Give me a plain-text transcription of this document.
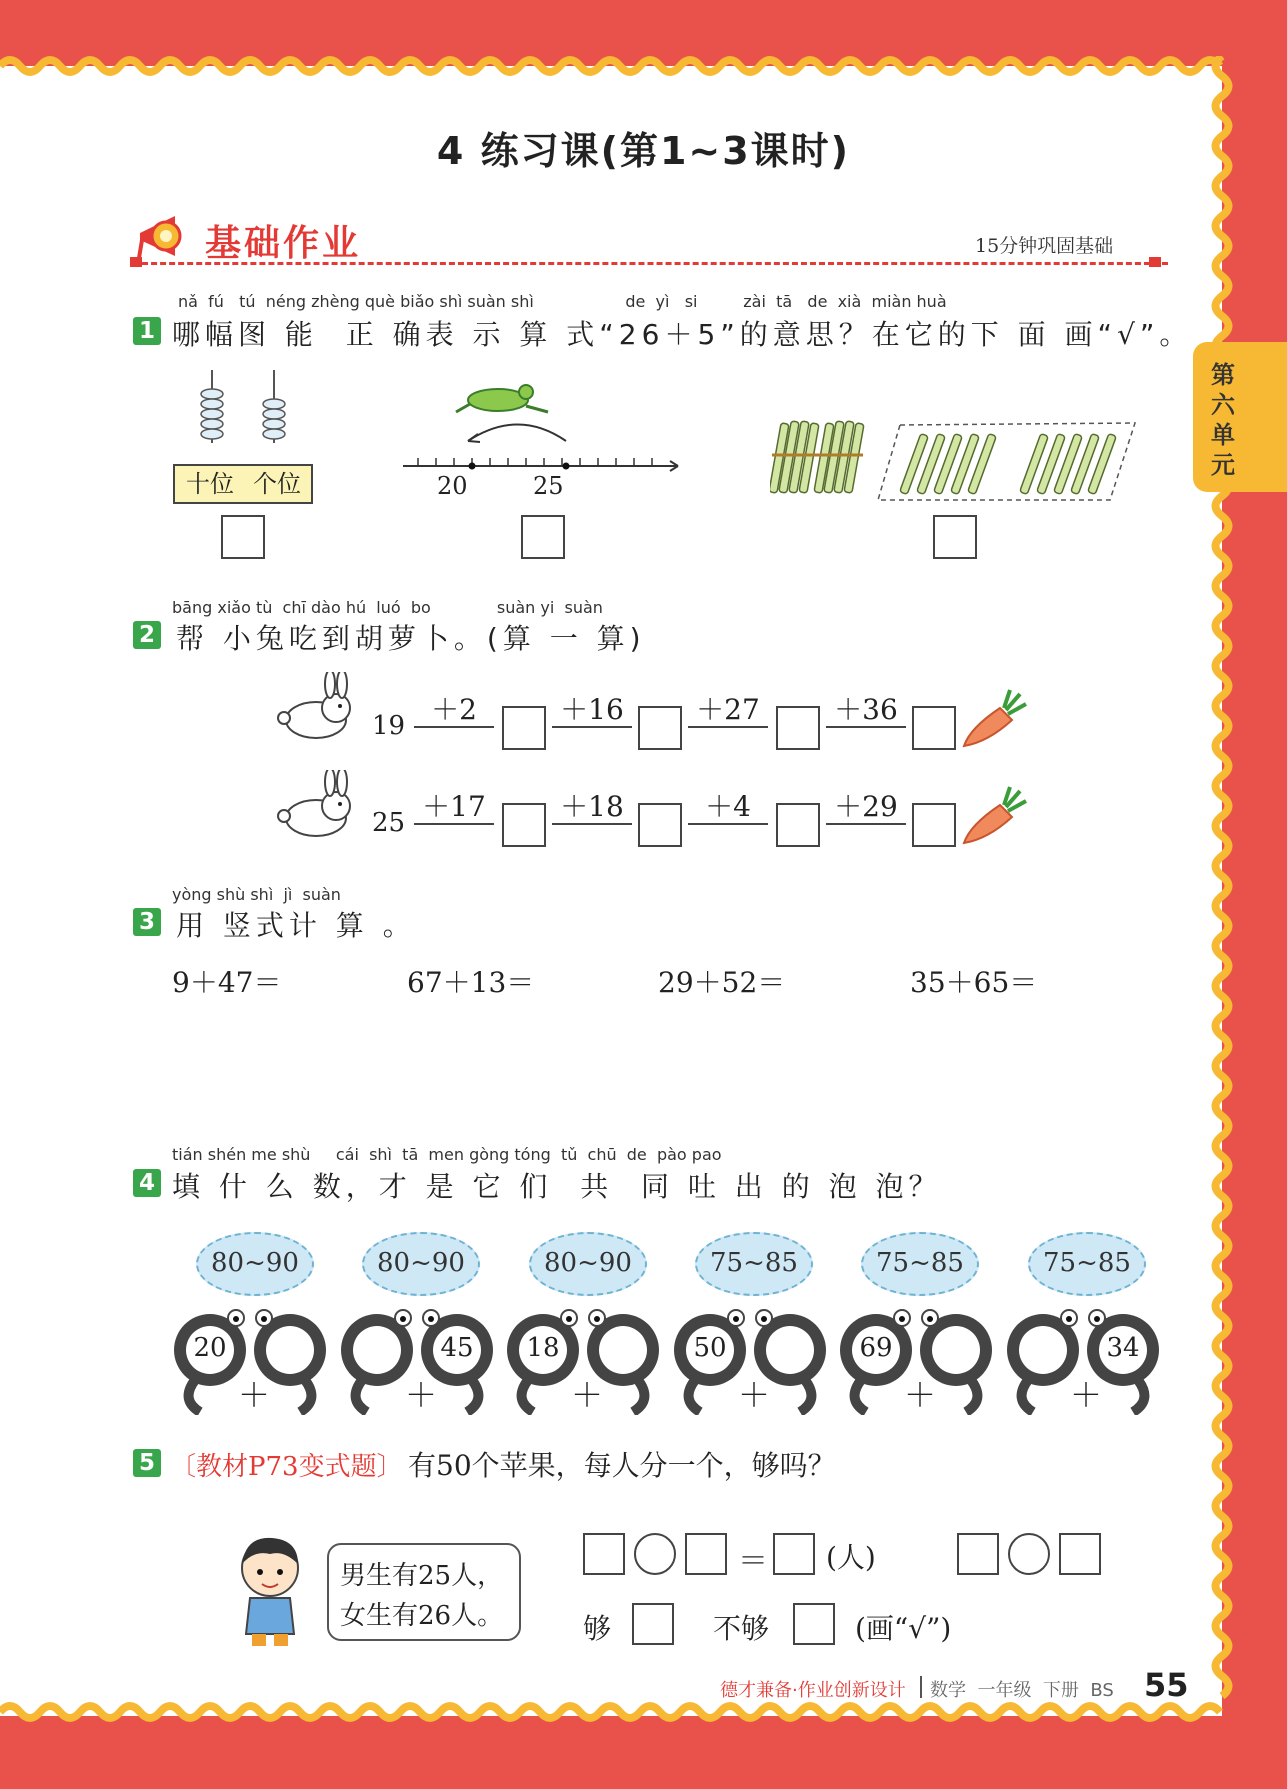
第六单元
4 练习课(第1~3课时)
基础作业	15分钟巩固基础
nǎ  fú   tú  néng zhèng què biǎo shì suàn shì                  de  yì   si         zài  tā   de  xià  miàn huà
1 哪幅图 能  正 确表 示 算 式“26＋5”的意思？在它的下 面 画“√”。
十位 个位	20	25
bāng xiǎo tù  chī dào hú  luó  bo             suàn yi  suàn
2 帮 小兔吃到胡萝卜。(算 一 算)
19 ＋2	＋16	＋27	＋36
25 ＋17	＋18	＋4	＋29
yòng shù shì  jì  suàn
3 用 竖式计 算 。
9＋47＝	67＋13＝	29＋52＝	35＋65＝
tián shén me shù     cái  shì  tā  men gòng tóng  tǔ  chū  de  pào pao
4 填 什 么 数，才 是 它 们  共  同 吐 出 的 泡 泡？
80~90	80~90	80~90	75~85	75~85	75~85
20
＋
45
＋
18
＋
50
＋
69
＋
34
＋
5 〔教材P73变式题〕 有50个苹果，每人分一个，够吗？
男生有25人，
女生有26人。
＝ (人)
够	不够	(画“√”)
德才兼备·作业创新设计 数学  一年级  下册  BS 55
